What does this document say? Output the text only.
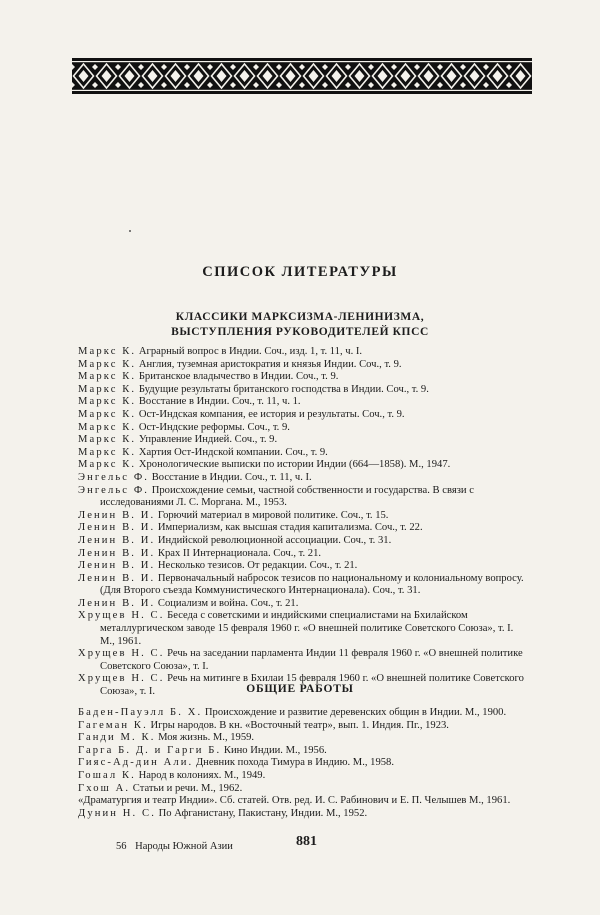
СПИСОК ЛИТЕРАТУРЫ
КЛАССИКИ МАРКСИЗМА-ЛЕНИНИЗМА,
ВЫСТУПЛЕНИЯ РУКОВОДИТЕЛЕЙ КПСС

Маркс К. Аграрный вопрос в Индии. Соч., изд. 1, т. 11, ч. I.

Маркс К. Англия, туземная аристократия и князья Индии. Соч., т. 9.

Маркс К. Британское владычество в Индии. Соч., т. 9.

Маркс К. Будущие результаты британского господства в Индии. Соч., т. 9.

Маркс К. Восстание в Индии. Соч., т. 11, ч. 1.

Маркс К. Ост-Индская компания, ее история и результаты. Соч., т. 9.

Маркс К. Ост-Индские реформы. Соч., т. 9.

Маркс К. Управление Индией. Соч., т. 9.

Маркс К. Хартия Ост-Индской компании. Соч., т. 9.

Маркс К. Хронологические выписки по истории Индии (664—1858). М., 1947.

Энгельс Ф. Восстание в Индии. Соч., т. 11, ч. I.

Энгельс Ф. Происхождение семьи, частной собственности и государства. В связи с исследованиями Л. С. Моргана. М., 1953.

Ленин В. И. Горючий материал в мировой политике. Соч., т. 15.

Ленин В. И. Империализм, как высшая стадия капитализма. Соч., т. 22.

Ленин В. И. Индийской революционной ассоциации. Соч., т. 31.

Ленин В. И. Крах II Интернационала. Соч., т. 21.

Ленин В. И. Несколько тезисов. От редакции. Соч., т. 21.

Ленин В. И. Первоначальный набросок тезисов по национальному и колониальному вопросу. (Для Второго съезда Коммунистического Интернационала). Соч., т. 31.

Ленин В. И. Социализм и война. Соч., т. 21.

Хрущев Н. С. Беседа с советскими и индийскими специалистами на Бхилайском металлургическом заводе 15 февраля 1960 г. «О внешней политике Советского Союза», т. I. М., 1961.

Хрущев Н. С. Речь на заседании парламента Индии 11 февраля 1960 г. «О внешней политике Советского Союза», т. I.

Хрущев Н. С. Речь на митинге в Бхилаи 15 февраля 1960 г. «О внешней политике Советского Союза», т. I.	ОБЩИЕ РАБОТЫ

Баден-Пауэлл Б. Х. Происхождение и развитие деревенских общин в Индии. М., 1900.

Гагеман К. Игры народов. В кн. «Восточный театр», вып. 1. Индия. Пг., 1923.

Ганди М. К. Моя жизнь. М., 1959.

Гарга Б. Д. и Гарги Б. Кино Индии. М., 1956.

Гияс-Ад-дин Али. Дневник похода Тимура в Индию. М., 1958.

Гошал К. Народ в колониях. М., 1949.

Гхош А. Статьи и речи. М., 1962.

«Драматургия и театр Индии». Сб. статей. Отв. ред. И. С. Рабинович и Е. П. Челышев М., 1961.

Дунин Н. С. По Афганистану, Пакистану, Индии. М., 1952.

56 Народы Южной Азии	881
